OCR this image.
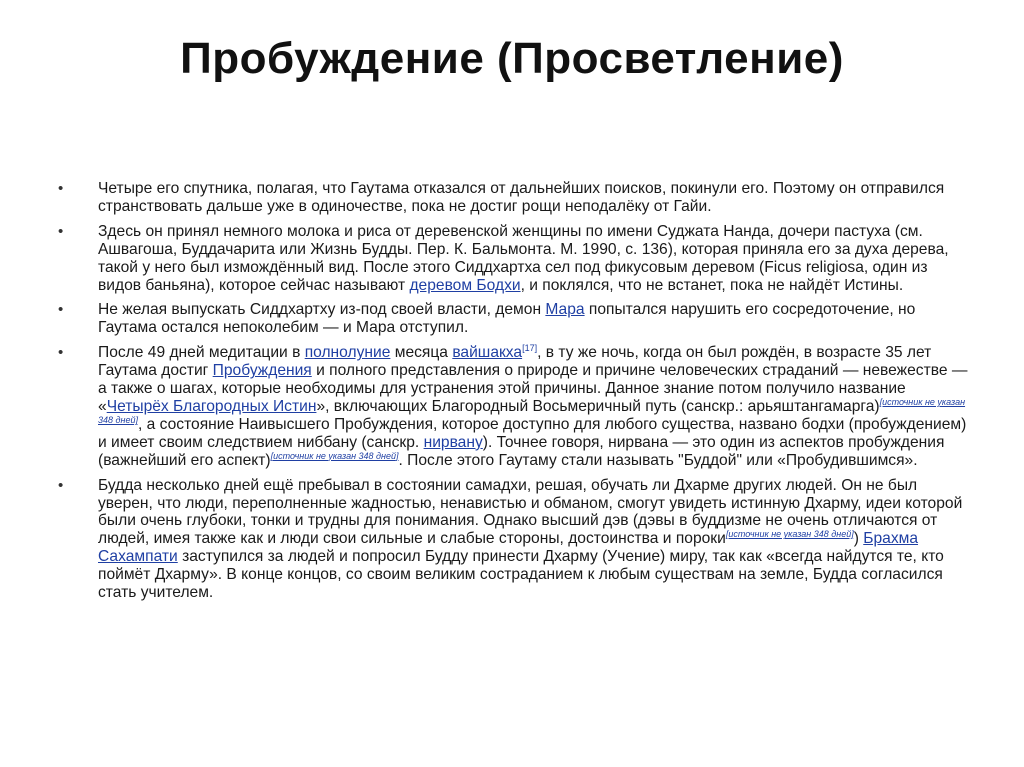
Пробуждение (Просветление)
• Четыре его спутника, полагая, что Гаутама отказался от дальнейших поисков, покинули его. Поэтому он отправился странствовать дальше уже в одиночестве, пока не достиг рощи неподалёку от Гайи.
• Здесь он принял немного молока и риса от деревенской женщины по имени Суджата Нанда, дочери пастуха (см. Ашвагоша, Буддачарита или Жизнь Будды. Пер. К. Бальмонта. М. 1990, с. 136), которая приняла его за духа дерева, такой у него был измождённый вид. После этого Сиддхартха сел под фикусовым деревом (Ficus religiosa, один из видов баньяна), которое сейчас называют деревом Бодхи, и поклялся, что не встанет, пока не найдёт Истины.
• Не желая выпускать Сиддхартху из-под своей власти, демон Мара попытался нарушить его сосредоточение, но Гаутама остался непоколебим — и Мара отступил.
• После 49 дней медитации в полнолуние месяца вайшакха[17], в ту же ночь, когда он был рождён, в возрасте 35 лет Гаутама достиг Пробуждения и полного представления о природе и причине человеческих страданий — невежестве — а также о шагах, которые необходимы для устранения этой причины. Данное знание потом получило название «Четырёх Благородных Истин», включающих Благородный Восьмеричный путь (санскр.: арьяштангамарга)[источник не указан 348 дней], а состояние Наивысшего Пробуждения, которое доступно для любого существа, названо бодхи (пробуждением) и имеет своим следствием ниббану (санскр. нирвану). Точнее говоря, нирвана — это один из аспектов пробуждения (важнейший его аспект)[источник не указан 348 дней]. После этого Гаутаму стали называть "Буддой" или «Пробудившимся».
• Будда несколько дней ещё пребывал в состоянии самадхи, решая, обучать ли Дхарме других людей. Он не был уверен, что люди, переполненные жадностью, ненавистью и обманом, смогут увидеть истинную Дхарму, идеи которой были очень глубоки, тонки и трудны для понимания. Однако высший дэв (дэвы в буддизме не очень отличаются от людей, имея также как и люди свои сильные и слабые стороны, достоинства и пороки[источник не указан 348 дней]) Брахма Сахампати заступился за людей и попросил Будду принести Дхарму (Учение) миру, так как «всегда найдутся те, кто поймёт Дхарму». В конце концов, со своим великим состраданием к любым существам на земле, Будда согласился стать учителем.
